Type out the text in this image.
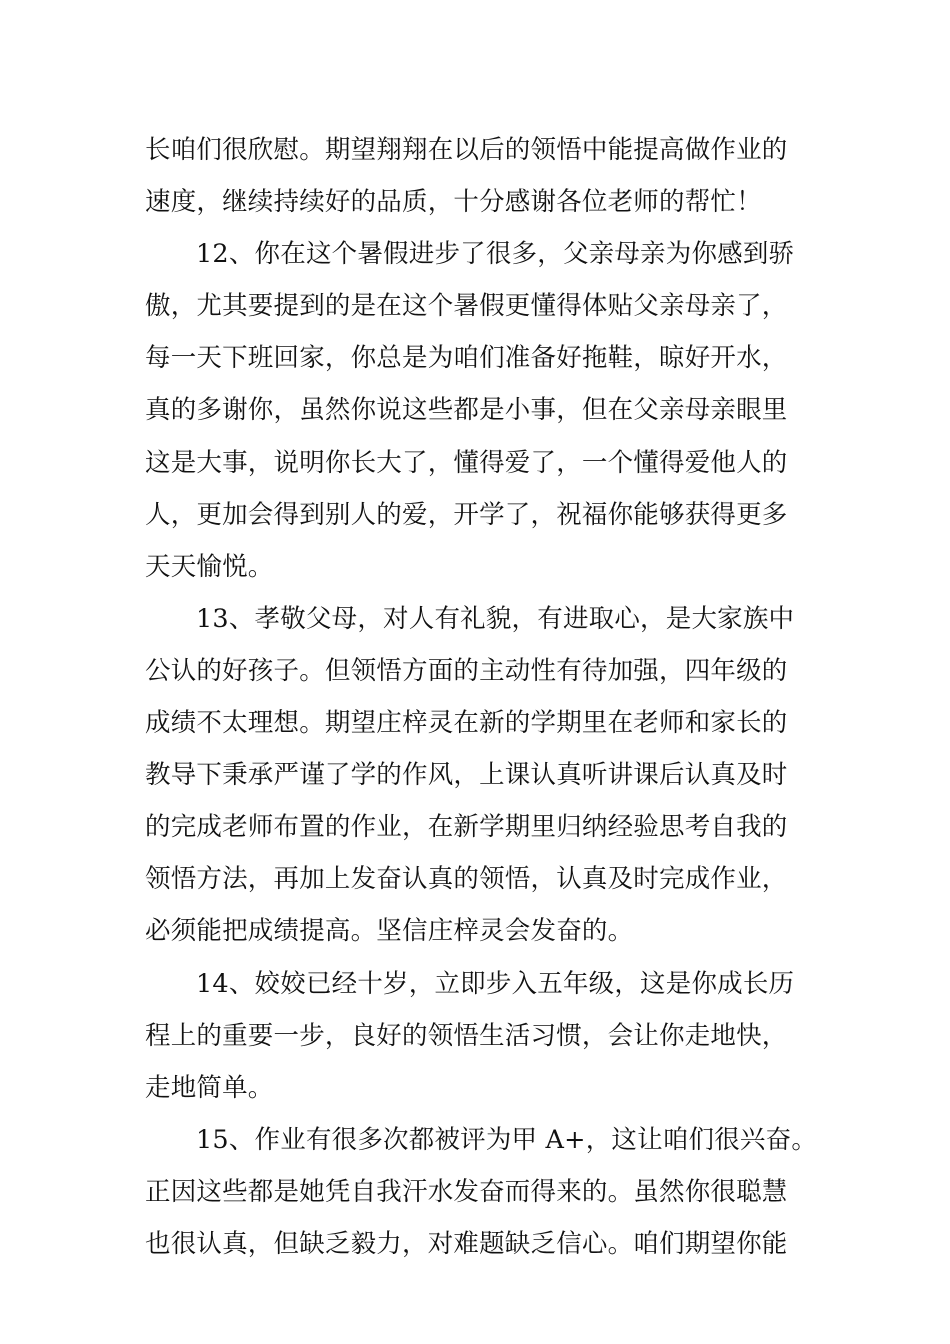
长咱们很欣慰。期望翔翔在以后的领悟中能提高做作业的
速度，继续持续好的品质，十分感谢各位老师的帮忙！
12、你在这个暑假进步了很多，父亲母亲为你感到骄
傲，尤其要提到的是在这个暑假更懂得体贴父亲母亲了，
每一天下班回家，你总是为咱们准备好拖鞋，晾好开水，
真的多谢你，虽然你说这些都是小事，但在父亲母亲眼里
这是大事，说明你长大了，懂得爱了，一个懂得爱他人的
人，更加会得到别人的爱，开学了，祝福你能够获得更多
天天愉悦。
13、孝敬父母，对人有礼貌，有进取心，是大家族中
公认的好孩子。但领悟方面的主动性有待加强，四年级的
成绩不太理想。期望庄梓灵在新的学期里在老师和家长的
教导下秉承严谨了学的作风，上课认真听讲课后认真及时
的完成老师布置的作业，在新学期里归纳经验思考自我的
领悟方法，再加上发奋认真的领悟，认真及时完成作业，
必须能把成绩提高。坚信庄梓灵会发奋的。
14、姣姣已经十岁，立即步入五年级，这是你成长历
程上的重要一步，良好的领悟生活习惯，会让你走地快，
走地简单。
15、作业有很多次都被评为甲 A+，这让咱们很兴奋。
正因这些都是她凭自我汗水发奋而得来的。虽然你很聪慧
也很认真，但缺乏毅力，对难题缺乏信心。咱们期望你能
